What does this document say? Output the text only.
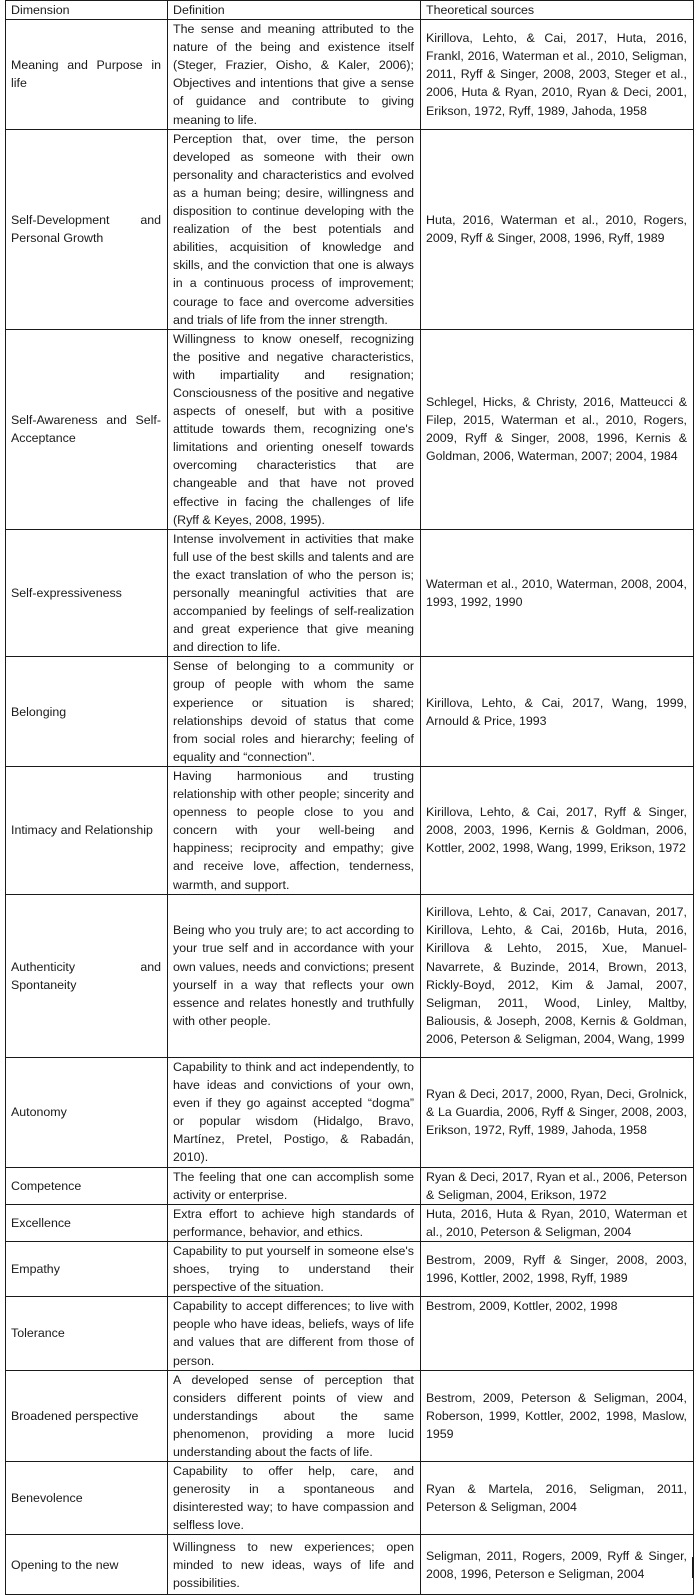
Dimension	Definition	Theoretical sources
Meaning and Purpose in life	The sense and meaning attributed to the nature of the being and existence itself (Steger, Frazier, Oisho, & Kaler, 2006); Objectives and intentions that give a sense of guidance and contribute to giving meaning to life.	Kirillova, Lehto, & Cai, 2017, Huta, 2016, Frankl, 2016, Waterman et al., 2010, Seligman, 2011, Ryff & Singer, 2008, 2003, Steger et al., 2006, Huta & Ryan, 2010, Ryan & Deci, 2001, Erikson, 1972, Ryff, 1989, Jahoda, 1958
Self-Development and Personal Growth	Perception that, over time, the person developed as someone with their own personality and characteristics and evolved as a human being; desire, willingness and disposition to continue developing with the realization of the best potentials and abilities, acquisition of knowledge and skills, and the conviction that one is always in a continuous process of improvement; courage to face and overcome adversities and trials of life from the inner strength.	Huta, 2016, Waterman et al., 2010, Rogers, 2009, Ryff & Singer, 2008, 1996, Ryff, 1989
Self-Awareness and Self-Acceptance	Willingness to know oneself, recognizing the positive and negative characteristics, with impartiality and resignation; Consciousness of the positive and negative aspects of oneself, but with a positive attitude towards them, recognizing one's limitations and orienting oneself towards overcoming characteristics that are changeable and that have not proved effective in facing the challenges of life (Ryff & Keyes, 2008, 1995).	Schlegel, Hicks, & Christy, 2016, Matteucci & Filep, 2015, Waterman et al., 2010, Rogers, 2009, Ryff & Singer, 2008, 1996, Kernis & Goldman, 2006, Waterman, 2007; 2004, 1984
Self-expressiveness	Intense involvement in activities that make full use of the best skills and talents and are the exact translation of who the person is; personally meaningful activities that are accompanied by feelings of self-realization and great experience that give meaning and direction to life.	Waterman et al., 2010, Waterman, 2008, 2004, 1993, 1992, 1990
Belonging	Sense of belonging to a community or group of people with whom the same experience or situation is shared; relationships devoid of status that come from social roles and hierarchy; feeling of equality and “connection”.	Kirillova, Lehto, & Cai, 2017, Wang, 1999, Arnould & Price, 1993
Intimacy and Relationship	Having harmonious and trusting relationship with other people; sincerity and openness to people close to you and concern with your well-being and happiness; reciprocity and empathy; give and receive love, affection, tenderness, warmth, and support.	Kirillova, Lehto, & Cai, 2017, Ryff & Singer, 2008, 2003, 1996, Kernis & Goldman, 2006, Kottler, 2002, 1998, Wang, 1999, Erikson, 1972
Authenticity and Spontaneity	Being who you truly are; to act according to your true self and in accordance with your own values, needs and convictions; present yourself in a way that reflects your own essence and relates honestly and truthfully with other people.	Kirillova, Lehto, & Cai, 2017, Canavan, 2017, Kirillova, Lehto, & Cai, 2016b, Huta, 2016, Kirillova & Lehto, 2015, Xue, Manuel-Navarrete, & Buzinde, 2014, Brown, 2013, Rickly-Boyd, 2012, Kim & Jamal, 2007, Seligman, 2011, Wood, Linley, Maltby, Baliousis, & Joseph, 2008, Kernis & Goldman, 2006, Peterson & Seligman, 2004, Wang, 1999
Autonomy	Capability to think and act independently, to have ideas and convictions of your own, even if they go against accepted “dogma” or popular wisdom (Hidalgo, Bravo, Martínez, Pretel, Postigo, & Rabadán, 2010).	Ryan & Deci, 2017, 2000, Ryan, Deci, Grolnick, & La Guardia, 2006, Ryff & Singer, 2008, 2003, Erikson, 1972, Ryff, 1989, Jahoda, 1958
Competence	The feeling that one can accomplish some activity or enterprise.	Ryan & Deci, 2017, Ryan et al., 2006, Peterson & Seligman, 2004, Erikson, 1972
Excellence	Extra effort to achieve high standards of performance, behavior, and ethics.	Huta, 2016, Huta & Ryan, 2010, Waterman et al., 2010, Peterson & Seligman, 2004
Empathy	Capability to put yourself in someone else's shoes, trying to understand their perspective of the situation.	Bestrom, 2009, Ryff & Singer, 2008, 2003, 1996, Kottler, 2002, 1998, Ryff, 1989
Tolerance	Capability to accept differences; to live with people who have ideas, beliefs, ways of life and values that are different from those of person.	Bestrom, 2009, Kottler, 2002, 1998
Broadened perspective	A developed sense of perception that considers different points of view and understandings about the same phenomenon, providing a more lucid understanding about the facts of life.	Bestrom, 2009, Peterson & Seligman, 2004, Roberson, 1999, Kottler, 2002, 1998, Maslow, 1959
Benevolence	Capability to offer help, care, and generosity in a spontaneous and disinterested way; to have compassion and selfless love.	Ryan & Martela, 2016, Seligman, 2011, Peterson & Seligman, 2004
Opening to the new	Willingness to new experiences; open minded to new ideas, ways of life and possibilities.	Seligman, 2011, Rogers, 2009, Ryff & Singer, 2008, 1996, Peterson e Seligman, 2004
